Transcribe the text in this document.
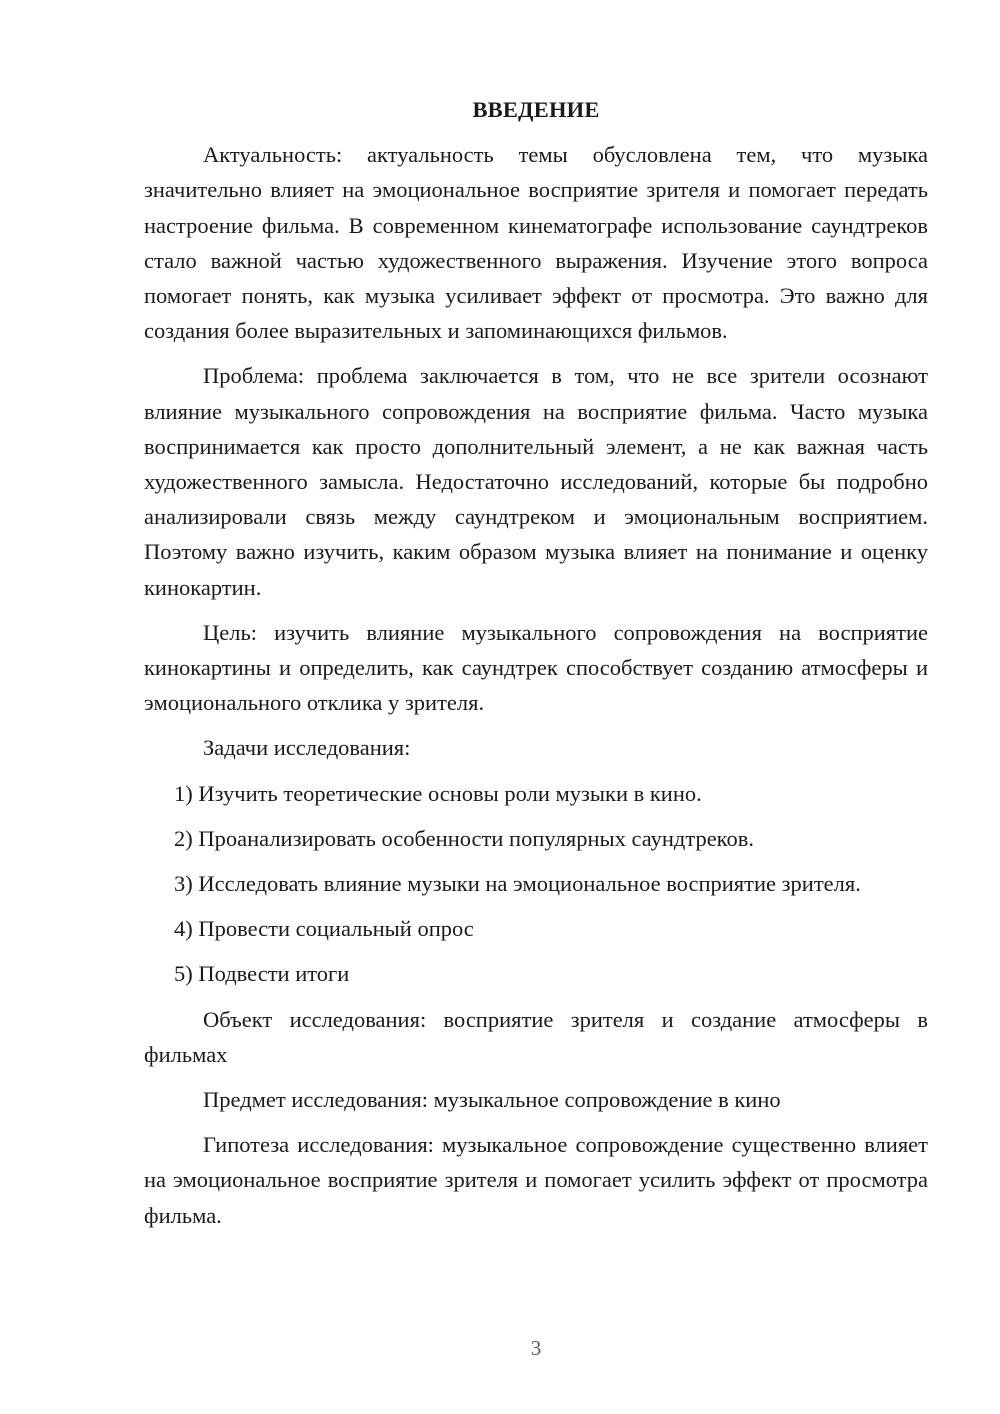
ВВЕДЕНИЕ

Актуальность: актуальность темы обусловлена тем, что музыка значительно влияет на эмоциональное восприятие зрителя и помогает передать настроение фильма. В современном кинематографе использование саундтреков стало важной частью художественного выражения. Изучение этого вопроса помогает понять, как музыка усиливает эффект от просмотра. Это важно для создания более выразительных и запоминающихся фильмов.

Проблема: проблема заключается в том, что не все зрители осознают влияние музыкального сопровождения на восприятие фильма. Часто музыка воспринимается как просто дополнительный элемент, а не как важная часть художественного замысла. Недостаточно исследований, которые бы подробно анализировали связь между саундтреком и эмоциональным восприятием. Поэтому важно изучить, каким образом музыка влияет на понимание и оценку кинокартин.

Цель: изучить влияние музыкального сопровождения на восприятие кинокартины и определить, как саундтрек способствует созданию атмосферы и эмоционального отклика у зрителя.

Задачи исследования:

1) Изучить теоретические основы роли музыки в кино.

2) Проанализировать особенности популярных саундтреков.

3) Исследовать влияние музыки на эмоциональное восприятие зрителя.

4) Провести социальный опрос

5) Подвести итоги

Объект исследования: восприятие зрителя и создание атмосферы в фильмах

Предмет исследования: музыкальное сопровождение в кино

Гипотеза исследования: музыкальное сопровождение существенно влияет на эмоциональное восприятие зрителя и помогает усилить эффект от просмотра фильма.

3
